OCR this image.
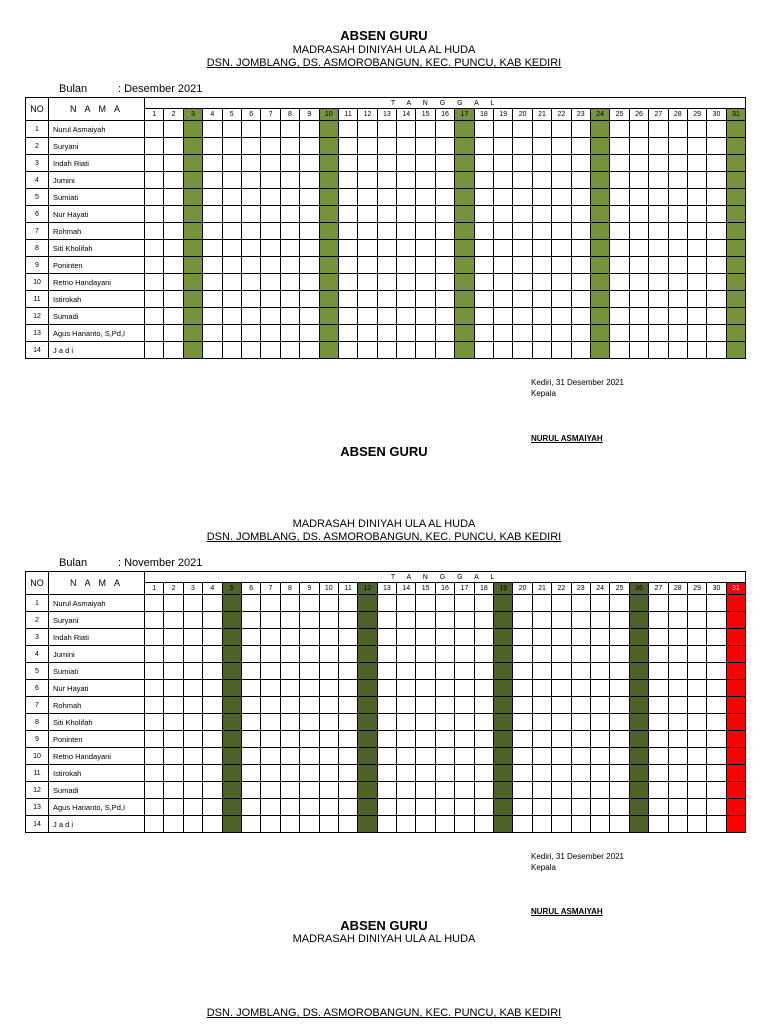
ABSEN GURU
MADRASAH DINIYAH ULA AL HUDA
DSN. JOMBLANG, DS. ASMOROBANGUN, KEC. PUNCU, KAB KEDIRI
Bulan	: Desember 2021
NO	N A M A	T A N G G A L																														
		1	2	3	4	5	6	7	8	9	10	11	12	13	14	15	16	17	18	19	20	21	22	23	24	25	26	27	28	29	30	31
1	Nurul Asmaiyah																															
2	Suryani																															
3	Indah Riati																															
4	Jumini																															
5	Sumiati																															
6	Nur Hayati																															
7	Rohmah																															
8	Siti Kholifah																															
9	Poninten																															
10	Retno Handayani																															
11	Istirokah																															
12	Sumadi																															
13	Agus Harianto, S,Pd,I																															
14	J a d i																															
Kediri, 31 Desember 2021
Kepala
NURUL ASMAIYAH
ABSEN GURU
MADRASAH DINIYAH ULA AL HUDA
DSN. JOMBLANG, DS. ASMOROBANGUN, KEC. PUNCU, KAB KEDIRI
Bulan	: November 2021
NO	N A M A	T A N G G A L																														
		1	2	3	4	5	6	7	8	9	10	11	12	13	14	15	16	17	18	19	20	21	22	23	24	25	26	27	28	29	30	31
1	Nurul Asmaiyah																															
2	Suryani																															
3	Indah Riati																															
4	Jumini																															
5	Sumiati																															
6	Nur Hayati																															
7	Rohmah																															
8	Siti Kholifah																															
9	Poninten																															
10	Retno Handayani																															
11	Istirokah																															
12	Sumadi																															
13	Agus Harianto, S,Pd,I																															
14	J a d i																															
Kediri, 31 Desember 2021
Kepala
NURUL ASMAIYAH
ABSEN GURU
MADRASAH DINIYAH ULA AL HUDA
DSN. JOMBLANG, DS. ASMOROBANGUN, KEC. PUNCU, KAB KEDIRI
